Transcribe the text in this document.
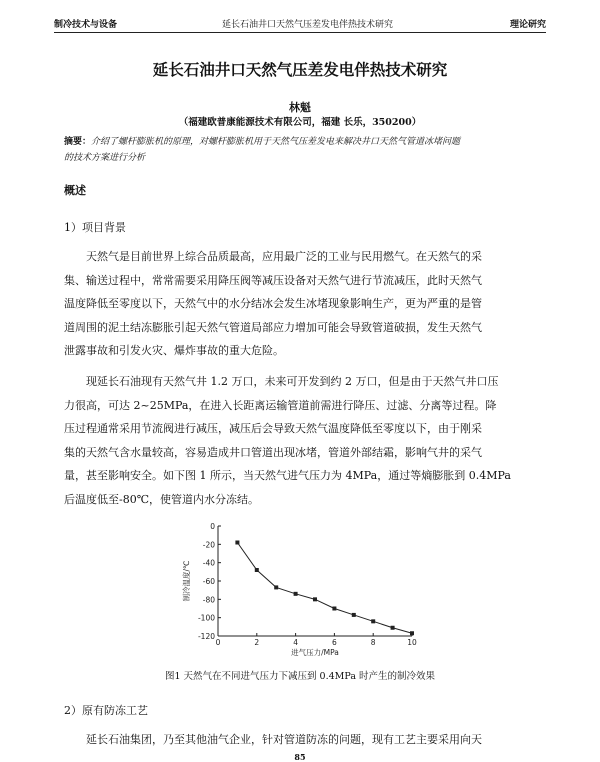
制冷技术与设备	延长石油井口天然气压差发电伴热技术研究	理论研究
延长石油井口天然气压差发电伴热技术研究
林魁
（福建欧普康能源技术有限公司，福建 长乐，350200）
摘要：介绍了螺杆膨胀机的原理，对螺杆膨胀机用于天然气压差发电来解决井口天然气管道冰堵问题
的技术方案进行分析
概述
1）项目背景
天然气是目前世界上综合品质最高，应用最广泛的工业与民用燃气。在天然气的采
集、输送过程中，常常需要采用降压阀等减压设备对天然气进行节流减压，此时天然气
温度降低至零度以下，天然气中的水分结冰会发生冰堵现象影响生产，更为严重的是管
道周围的泥土结冻膨胀引起天然气管道局部应力增加可能会导致管道破损，发生天然气
泄露事故和引发火灾、爆炸事故的重大危险。
现延长石油现有天然气井 1.2 万口，未来可开发到约 2 万口，但是由于天然气井口压
力很高，可达 2~25MPa，在进入长距离运输管道前需进行降压、过滤、分离等过程。降
压过程通常采用节流阀进行减压，减压后会导致天然气温度降低至零度以下，由于刚采
集的天然气含水量较高，容易造成井口管道出现冰堵，管道外部结霜，影响气井的采气
量，甚至影响安全。如下图 1 所示，当天然气进气压力为 4MPa，通过等熵膨胀到 0.4MPa
后温度低至-80℃，使管道内水分冻结。
0
-20
-40
-60
-80
-100
-120
0	2	4	6	8	10
进气压力/MPa
制冷温度/℃
图1 天然气在不同进气压力下减压到 0.4MPa 时产生的制冷效果
2）原有防冻工艺
延长石油集团，乃至其他油气企业，针对管道防冻的问题，现有工艺主要采用向天
85
